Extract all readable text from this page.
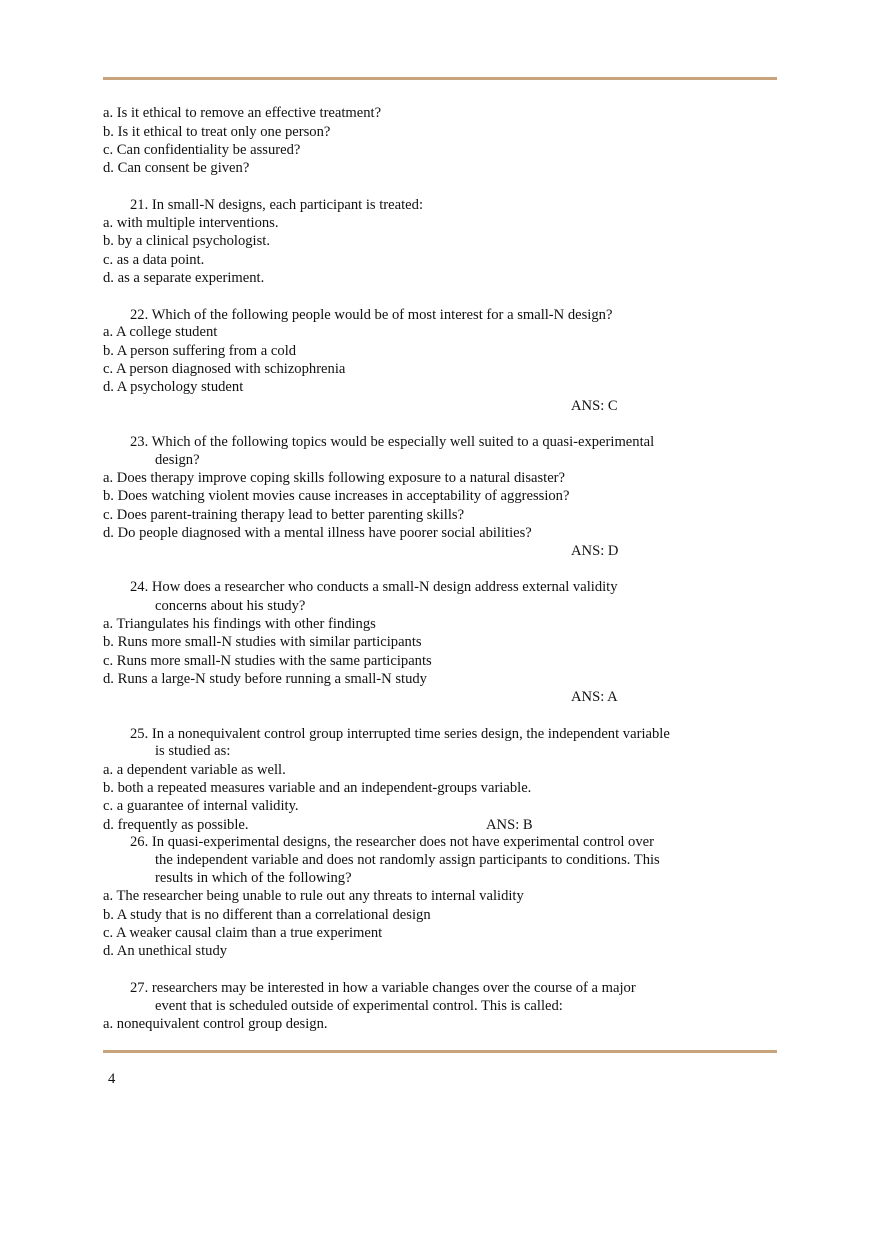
a. Is it ethical to remove an effective treatment?
b. Is it ethical to treat only one person?
c. Can confidentiality be assured?
d. Can consent be given?
21. In small-N designs, each participant is treated:
a. with multiple interventions.
b. by a clinical psychologist.
c. as a data point.
d. as a separate experiment.
22. Which of the following people would be of most interest for a small-N design?
a. A college student
b. A person suffering from a cold
c. A person diagnosed with schizophrenia
d. A psychology student
ANS: C
23. Which of the following topics would be especially well suited to a quasi-experimental
design?
a. Does therapy improve coping skills following exposure to a natural disaster?
b. Does watching violent movies cause increases in acceptability of aggression?
c. Does parent-training therapy lead to better parenting skills?
d. Do people diagnosed with a mental illness have poorer social abilities?
ANS: D
24. How does a researcher who conducts a small-N design address external validity
concerns about his study?
a. Triangulates his findings with other findings
b. Runs more small-N studies with similar participants
c. Runs more small-N studies with the same participants
d. Runs a large-N study before running a small-N study
ANS: A
25. In a nonequivalent control group interrupted time series design, the independent variable
is studied as:
a. a dependent variable as well.
b. both a repeated measures variable and an independent-groups variable.
c. a guarantee of internal validity.
d. frequently as possible.	ANS: B
26. In quasi-experimental designs, the researcher does not have experimental control over
the independent variable and does not randomly assign participants to conditions. This
results in which of the following?
a. The researcher being unable to rule out any threats to internal validity
b. A study that is no different than a correlational design
c. A weaker causal claim than a true experiment
d. An unethical study
27. researchers may be interested in how a variable changes over the course of a major
event that is scheduled outside of experimental control. This is called:
a. nonequivalent control group design.
4
